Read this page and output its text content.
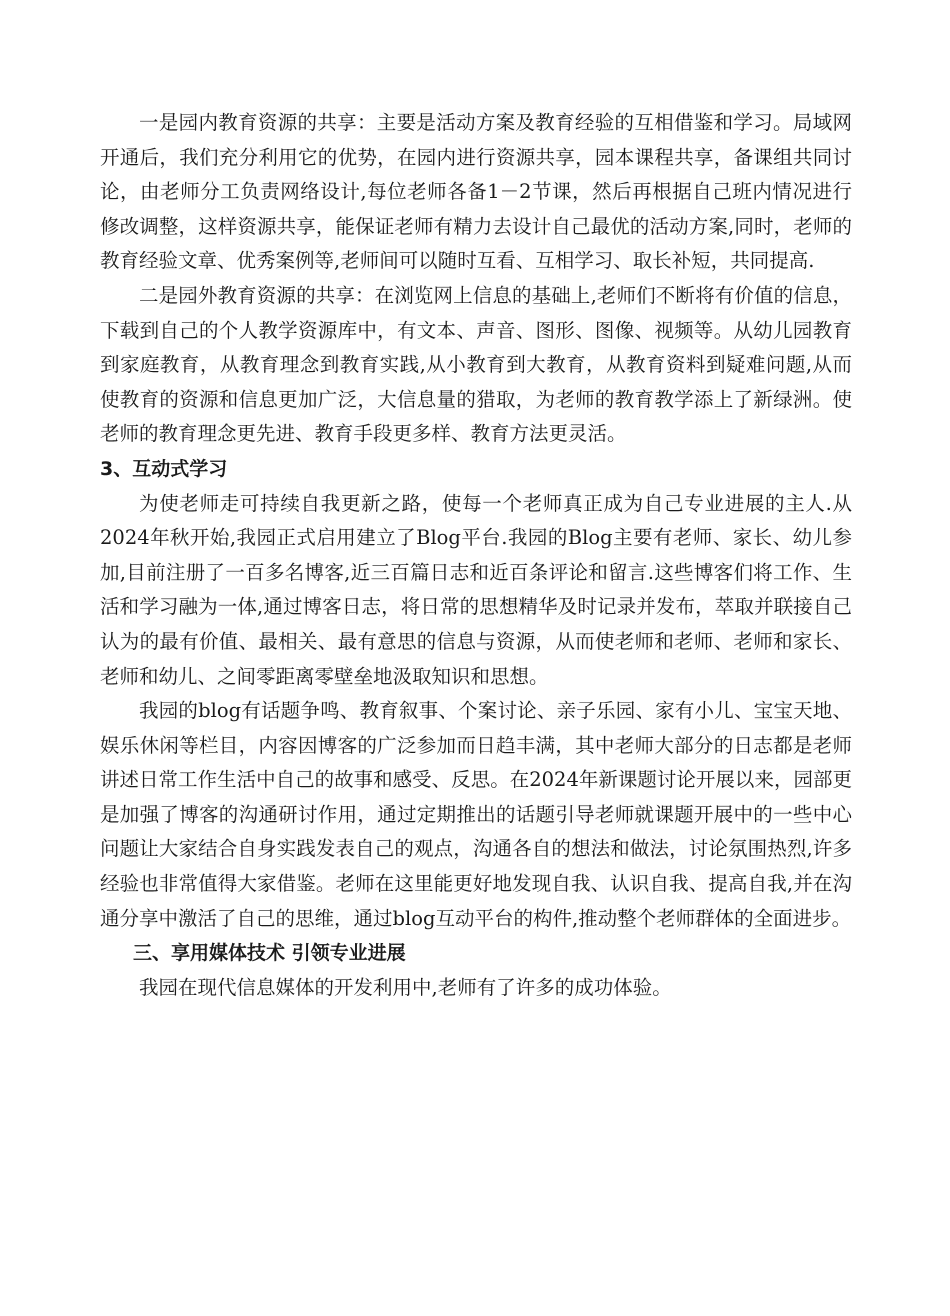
一是园内教育资源的共享：主要是活动方案及教育经验的互相借鉴和学习。局域网开通后，我们充分利用它的优势，在园内进行资源共享，园本课程共享，备课组共同讨论，由老师分工负责网络设计,每位老师各备1－2节课，然后再根据自己班内情况进行修改调整，这样资源共享，能保证老师有精力去设计自己最优的活动方案,同时，老师的教育经验文章、优秀案例等,老师间可以随时互看、互相学习、取长补短，共同提高.

二是园外教育资源的共享：在浏览网上信息的基础上,老师们不断将有价值的信息，下载到自己的个人教学资源库中，有文本、声音、图形、图像、视频等。从幼儿园教育到家庭教育，从教育理念到教育实践,从小教育到大教育，从教育资料到疑难问题,从而使教育的资源和信息更加广泛，大信息量的猎取，为老师的教育教学添上了新绿洲。使老师的教育理念更先进、教育手段更多样、教育方法更灵活。

3、互动式学习

为使老师走可持续自我更新之路，使每一个老师真正成为自己专业进展的主人.从2024年秋开始,我园正式启用建立了Blog平台.我园的Blog主要有老师、家长、幼儿参加,目前注册了一百多名博客,近三百篇日志和近百条评论和留言.这些博客们将工作、生活和学习融为一体,通过博客日志，将日常的思想精华及时记录并发布，萃取并联接自己认为的最有价值、最相关、最有意思的信息与资源，从而使老师和老师、老师和家长、老师和幼儿、之间零距离零壁垒地汲取知识和思想。

我园的blog有话题争鸣、教育叙事、个案讨论、亲子乐园、家有小儿、宝宝天地、娱乐休闲等栏目，内容因博客的广泛参加而日趋丰满，其中老师大部分的日志都是老师讲述日常工作生活中自己的故事和感受、反思。在2024年新课题讨论开展以来，园部更是加强了博客的沟通研讨作用，通过定期推出的话题引导老师就课题开展中的一些中心问题让大家结合自身实践发表自己的观点，沟通各自的想法和做法，讨论氛围热烈,许多经验也非常值得大家借鉴。老师在这里能更好地发现自我、认识自我、提高自我,并在沟通分享中激活了自己的思维，通过blog互动平台的构件,推动整个老师群体的全面进步。

三、享用媒体技术 引领专业进展

我园在现代信息媒体的开发利用中,老师有了许多的成功体验。
